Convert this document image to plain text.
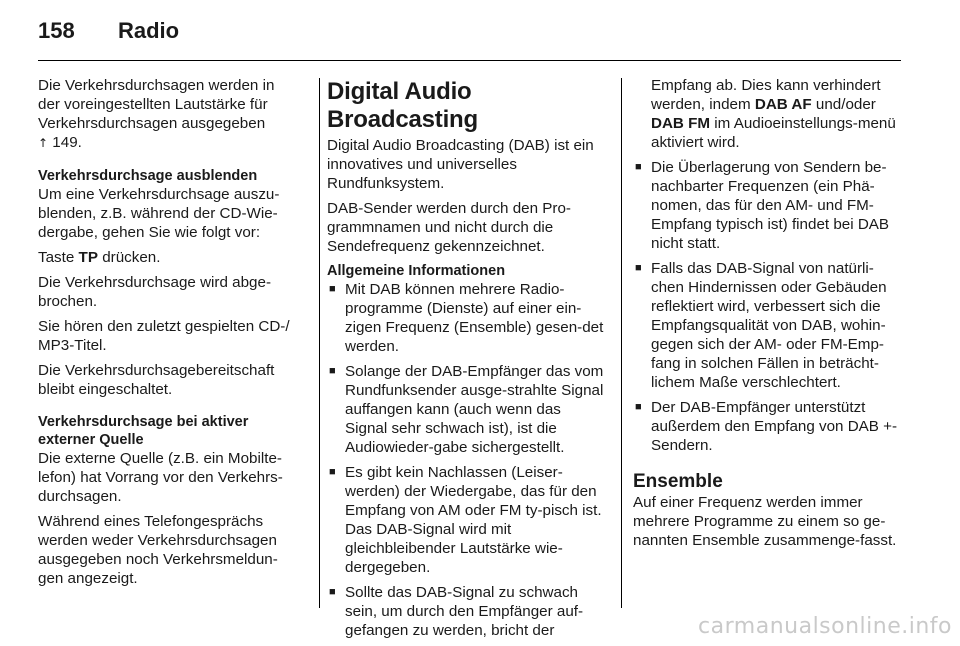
158 Radio

Die Verkehrsdurchsagen werden in der voreingestellten Lautstärke für Verkehrsdurchsagen ausgegeben
↑ 149.

Verkehrsdurchsage ausblenden

Um eine Verkehrsdurchsage auszu-blenden, z.B. während der CD-Wie-dergabe, gehen Sie wie folgt vor:

Taste TP drücken.

Die Verkehrsdurchsage wird abge-brochen.

Sie hören den zuletzt gespielten CD-/ MP3-Titel.

Die Verkehrsdurchsagebereitschaft bleibt eingeschaltet.

Verkehrsdurchsage bei aktiver externer Quelle

Die externe Quelle (z.B. ein Mobilte-lefon) hat Vorrang vor den Verkehrs-durchsagen.

Während eines Telefongesprächs werden weder Verkehrsdurchsagen ausgegeben noch Verkehrsmeldun-gen angezeigt.

Digital Audio Broadcasting

Digital Audio Broadcasting (DAB) ist ein innovatives und universelles Rundfunksystem.

DAB-Sender werden durch den Pro-grammnamen und nicht durch die Sendefrequenz gekennzeichnet.

Allgemeine Informationen
■ Mit DAB können mehrere Radio-programme (Dienste) auf einer ein-zigen Frequenz (Ensemble) gesen-det werden.
■ Solange der DAB-Empfänger das vom Rundfunksender ausge-strahlte Signal auffangen kann (auch wenn das Signal sehr schwach ist), ist die Audiowieder-gabe sichergestellt.
■ Es gibt kein Nachlassen (Leiser-werden) der Wiedergabe, das für den Empfang von AM oder FM ty-pisch ist. Das DAB-Signal wird mit gleichbleibender Lautstärke wie-dergegeben.
■ Sollte das DAB-Signal zu schwach sein, um durch den Empfänger auf-gefangen zu werden, bricht der

Empfang ab. Dies kann verhindert werden, indem DAB AF und/oder DAB FM im Audioeinstellungs-menü aktiviert wird.

■ Die Überlagerung von Sendern be-nachbarter Frequenzen (ein Phä-nomen, das für den AM- und FM-Empfang typisch ist) findet bei DAB nicht statt.
■ Falls das DAB-Signal von natürli-chen Hindernissen oder Gebäuden reflektiert wird, verbessert sich die Empfangsqualität von DAB, wohin-gegen sich der AM- oder FM-Emp-fang in solchen Fällen in beträcht-lichem Maße verschlechtert.
■ Der DAB-Empfänger unterstützt außerdem den Empfang von DAB +-Sendern.
Ensemble

Auf einer Frequenz werden immer mehrere Programme zu einem so ge-nannten Ensemble zusammenge-fasst.

carmanualsonline.info
